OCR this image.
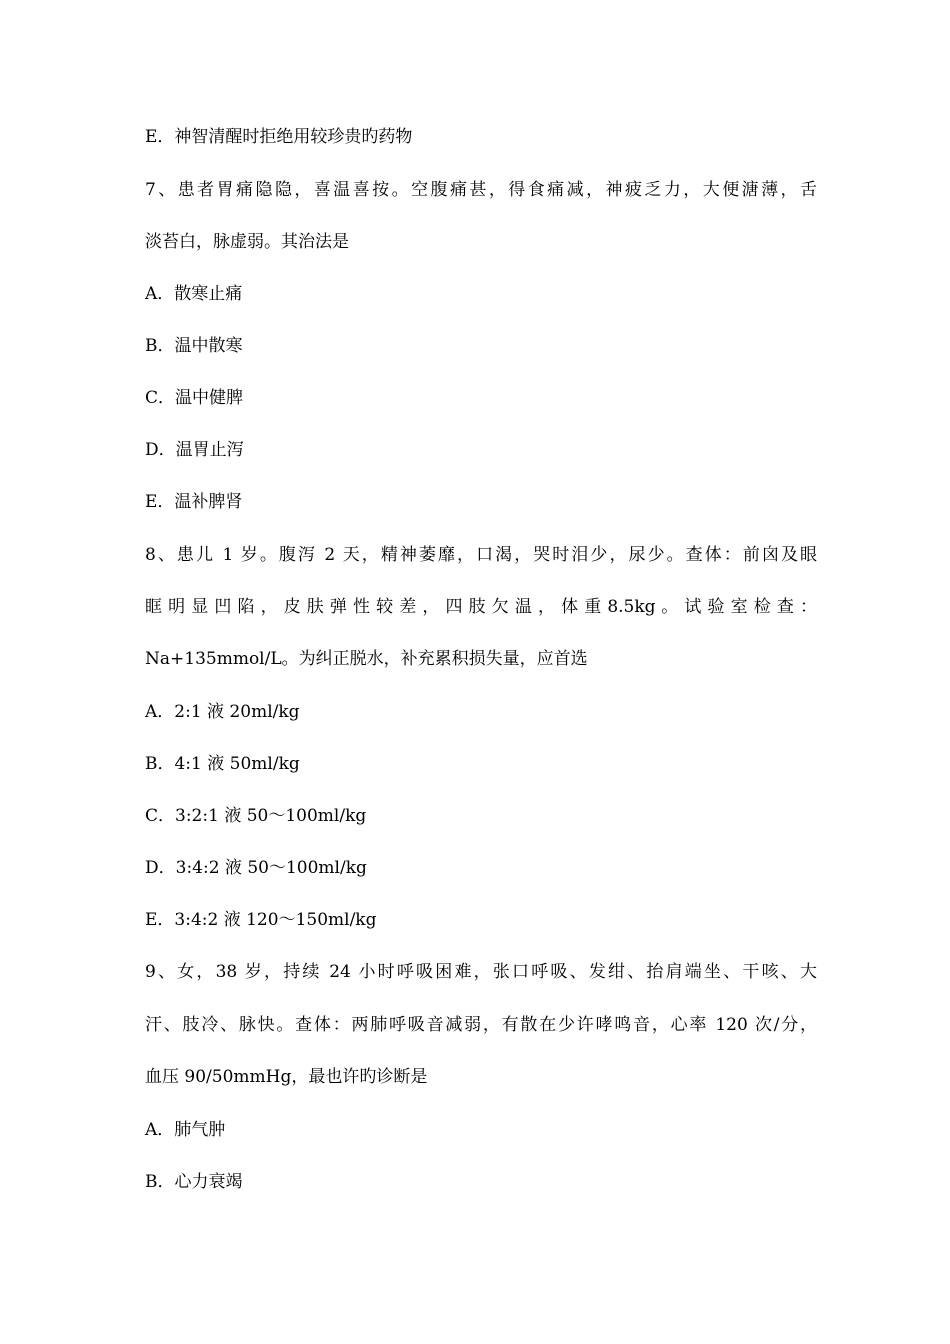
E．神智清醒时拒绝用较珍贵旳药物
7、患者胃痛隐隐，喜温喜按。空腹痛甚，得食痛减，神疲乏力，大便溏薄，舌
淡苔白，脉虚弱。其治法是
A．散寒止痛
B．温中散寒
C．温中健脾
D．温胃止泻
E．温补脾肾
8、患儿 1 岁。腹泻 2 天，精神萎靡，口渴，哭时泪少，尿少。查体：前囟及眼
眶 明 显 凹 陷 ， 皮 肤 弹 性 较 差 ， 四 肢 欠 温 ， 体 重 8.5kg 。 试 验 室 检 查 ：
Na+135mmol/L。为纠正脱水，补充累积损失量，应首选
A．2:1 液 20ml/kg
B．4:1 液 50ml/kg
C．3:2:1 液 50～100ml/kg
D．3:4:2 液 50～100ml/kg
E．3:4:2 液 120～150ml/kg
9、女，38 岁，持续 24 小时呼吸困难，张口呼吸、发绀、抬肩端坐、干咳、大
汗、肢冷、脉快。查体：两肺呼吸音减弱，有散在少许哮鸣音，心率 120 次/分，
血压 90/50mmHg，最也许旳诊断是
A．肺气肿
B．心力衰竭
